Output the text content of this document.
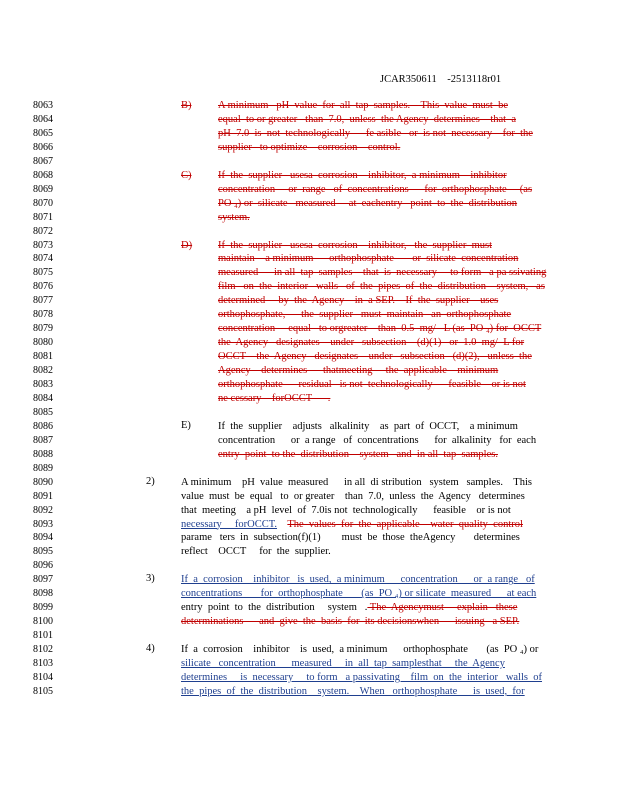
JCAR350611    -2513118r01
8063
8064
8065
8066
8067
8068
8069
8070
8071
8072
8073
8074
8075
8076
8077
8078
8079
8080
8081
8082
8083
8084
8085
8086
8087
8088
8089
8090
8091
8092
8093
8094
8095
8096
8097
8098
8099
8100
8101
8102
8103
8104
8105
B)
C)
D)
E)
2)
3)
4)
A minimum   pH  value  for  all  tap  samples.    This  value  must  be
equal  to or greater   than  7.0,  unless  the Agency  determines    that  a
pH  7.0  is  not  technologically      fe asible   or  is not  necessary    for  the
supplier   to optimize    corrosion    control.
If  the  supplier   usesa  corrosion    inhibitor,  a minimum    inhibitor
concentration     or  range   of  concentrations      for  orthophosphate     (as
PO ₄) or  silicate   measured     at  eachentry   point  to  the  distribution
system.
If  the  supplier   usesa  corrosion    inhibitor,   the  supplier  must
maintain    a minimum      orthophosphate       or  silicate  concentration
measured      in all  tap  samples    that  is  necessary     to form   a pa ssivating
film   on  the  interior   walls   of  the  pipes  of  the  distribution    system,   as
determined     by  the  Agency    in  a SEP.    If  the  supplier    uses
orthophosphate,      the  supplier   must  maintain   an  orthophosphate
concentration     equal   to orgreater    than  0.5  mg/   L (as  PO ₄) for  OCCT
the  Agency   designates    under   subsection    (d)(1)   or  1.0  mg/  L for
OCCT    the  Agency   designates    under   subsection   (d)(2),   unless  the
Agency    determines      thatmeeting     the  applicable    minimum
orthophosphate      residual   is not  technologically      feasible    or is not
ne cessary    forOCCT      .
If  the  supplier    adjusts   alkalinity    as  part  of  OCCT,    a minimum
concentration      or  a range   of  concentrations      for  alkalinity   for  each
entry  point  to the  distribution    system   and  in all  tap  samples.
A minimum    pH  value  measured      in all  di stribution   system   samples.    This
value  must  be  equal   to  or greater    than  7.0,  unless  the  Agency   determines
that  meeting    a pH  level  of  7.0is not  technologically      feasible    or is not
necessary     forOCCT. The  values  for  the  applicable    water  quality  control
parame   ters  in  subsection(f)(1)        must  be  those  theAgency       determines
reflect    OCCT     for  the  supplier.
If  a  corrosion    inhibitor   is  used,  a minimum      concentration      or  a range   of
concentrations       for  orthophosphate       (as  PO ₄) or silicate  measured      at each
entry  point  to  the  distribution     system   . The  Agencymust     explain   these
determinations      and  give  the  basis  for  its decisionswhen      issuing   a SEP.
If  a  corrosion    inhibitor    is  used,  a minimum      orthophosphate       (as  PO ₄) or
silicate   concentration      measured     in  all  tap  samplesthat     the  Agency
determines     is  necessary     to form   a passivating    film  on  the  interior   walls  of
the  pipes  of  the  distribution    system.    When   orthophosphate      is  used,  for
